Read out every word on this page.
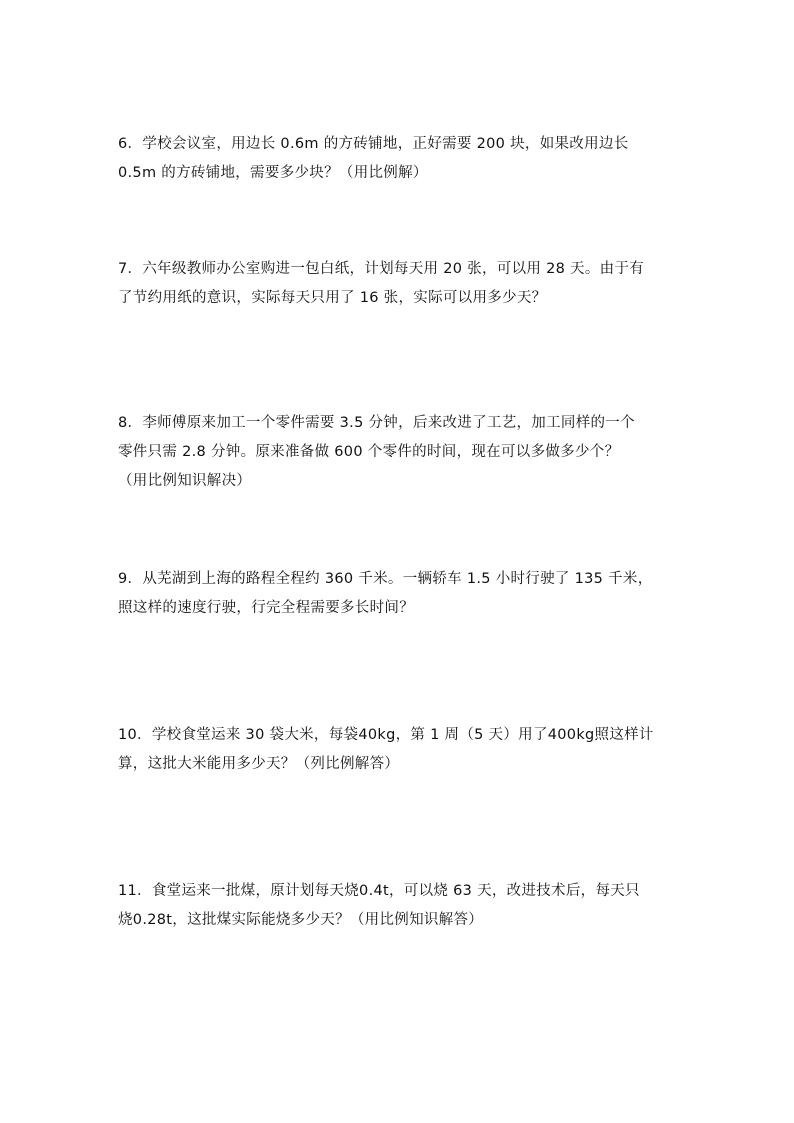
6．学校会议室，用边长 0.6m 的方砖铺地，正好需要 200 块，如果改用边长
0.5m 的方砖铺地，需要多少块？（用比例解）
7．六年级教师办公室购进一包白纸，计划每天用 20 张，可以用 28 天。由于有
了节约用纸的意识，实际每天只用了 16 张，实际可以用多少天？
8．李师傅原来加工一个零件需要 3.5 分钟，后来改进了工艺，加工同样的一个
零件只需 2.8 分钟。原来准备做 600 个零件的时间，现在可以多做多少个？
（用比例知识解决）
9．从芜湖到上海的路程全程约 360 千米。一辆轿车 1.5 小时行驶了 135 千米，
照这样的速度行驶，行完全程需要多长时间？
10．学校食堂运来 30 袋大米，每袋40kg，第 1 周（5 天）用了400kg照这样计
算，这批大米能用多少天？（列比例解答）
11．食堂运来一批煤，原计划每天烧0.4t，可以烧 63 天，改进技术后，每天只
烧0.28t，这批煤实际能烧多少天？（用比例知识解答）
